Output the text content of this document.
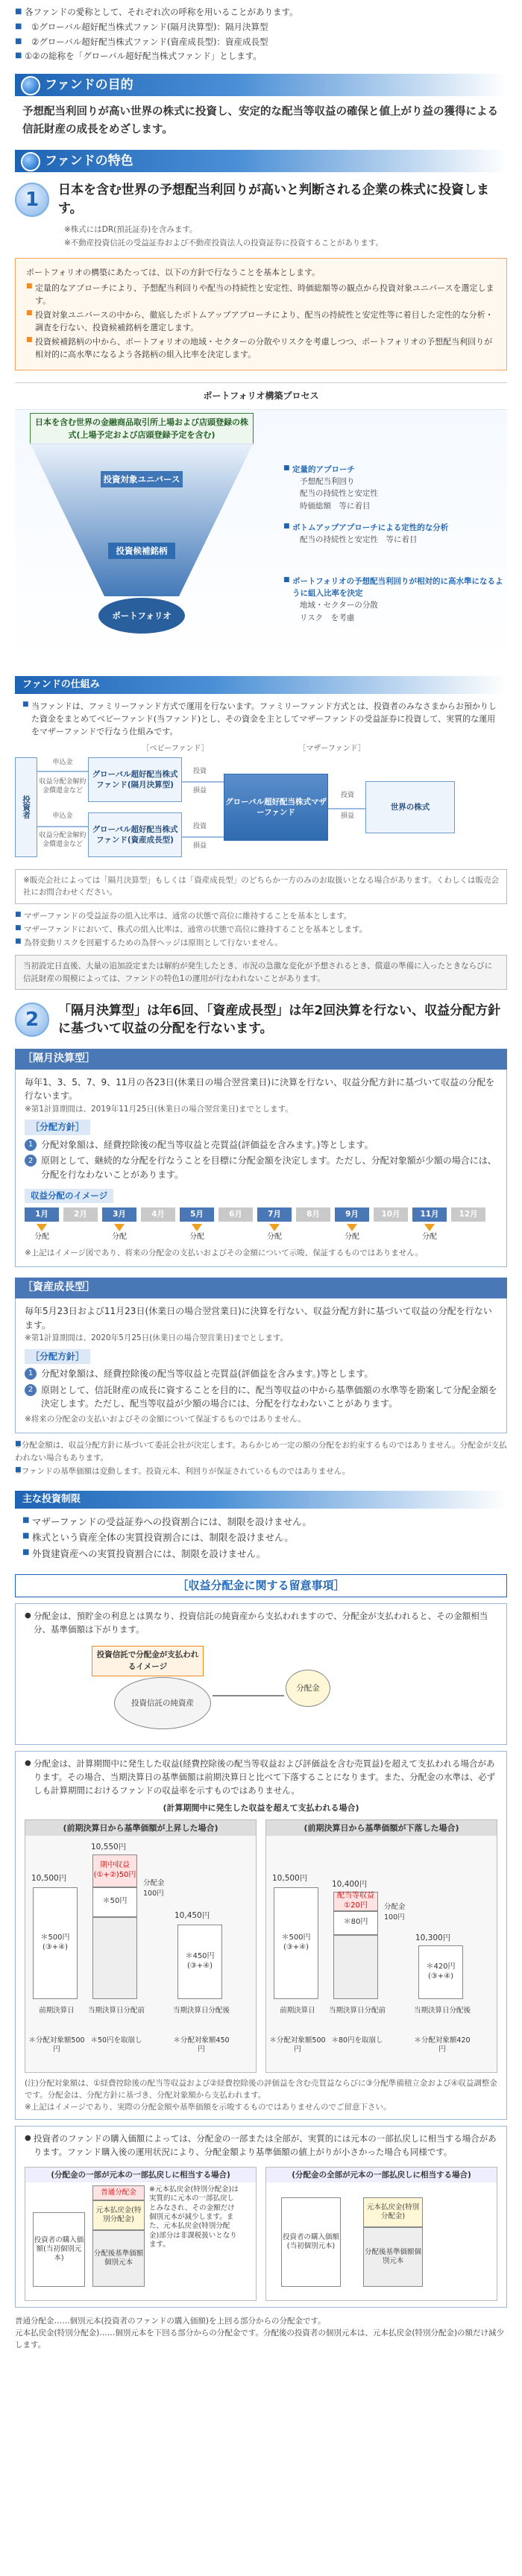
■ 各ファンドの愛称として、それぞれ次の呼称を用いることがあります。
■ ①グローバル超好配当株式ファンド(隔月決算型)：隔月決算型
■ ②グローバル超好配当株式ファンド(資産成長型)：資産成長型
■ ①②の総称を「グローバル超好配当株式ファンド」とします。
ファンドの目的

予想配当利回りが高い世界の株式に投資し、安定的な配当等収益の確保と値上がり益の獲得による信託財産の成長をめざします。

ファンドの特色
1	日本を含む世界の予想配当利回りが高いと判断される企業の株式に投資します。

※株式にはDR(預託証券)を含みます。

※不動産投資信託の受益証券および不動産投資法人の投資証券に投資することがあります。

ポートフォリオの構築にあたっては、以下の方針で行なうことを基本とします。

■ 定量的なアプローチにより、予想配当利回りや配当の持続性と安定性、時価総額等の観点から投資対象ユニバースを選定します。
■ 投資対象ユニバースの中から、徹底したボトムアップアプローチにより、配当の持続性と安定性等に着目した定性的な分析・調査を行ない、投資候補銘柄を選定します。
■ 投資候補銘柄の中から、ポートフォリオの地域・セクターの分散やリスクを考慮しつつ、ポートフォリオの予想配当利回りが相対的に高水準になるよう各銘柄の組入比率を決定します。
ポートフォリオ構築プロセス
日本を含む世界の金融商品取引所上場および店頭登録の株式(上場予定および店頭登録予定を含む)
投資対象ユニバース
投資候補銘柄
ポートフォリオ
■ 定量的アプローチ
予想配当利回り
配当の持続性と安定性
時価総額　等に着目
■ ボトムアップアプローチによる定性的な分析
配当の持続性と安定性　等に着目
■ ポートフォリオの予想配当利回りが相対的に高水準になるように組入比率を決定
地域・セクターの分散
リスク　を考慮
ファンドの仕組み

■ 当ファンドは、ファミリーファンド方式で運用を行ないます。ファミリーファンド方式とは、投資者のみなさまからお預かりした資金をまとめてベビーファンド(当ファンド)とし、その資金を主としてマザーファンドの受益証券に投資して、実質的な運用をマザーファンドで行なう仕組みです。

［ベビーファンド］	［マザーファンド］
投資者
申込金
収益分配金解約金償還金など
申込金
収益分配金解約金償還金など
グローバル超好配当株式ファンド(隔月決算型)
グローバル超好配当株式ファンド(資産成長型)
投資
損益
投資
損益
グローバル超好配当株式マザーファンド
投資
損益
世界の株式
※販売会社によっては「隔月決算型」もしくは「資産成長型」のどちらか一方のみのお取扱いとなる場合があります。くわしくは販売会社にお問合わせください。

■ マザーファンドの受益証券の組入比率は、通常の状態で高位に維持することを基本とします。

■ マザーファンドにおいて、株式の組入比率は、通常の状態で高位に維持することを基本とします。

■ 為替変動リスクを回避するための為替ヘッジは原則として行ないません。

当初設定日直後、大量の追加設定または解約が発生したとき、市況の急激な変化が予想されるとき、償還の準備に入ったときならびに信託財産の規模によっては、ファンドの特色1の運用が行なわれないことがあります。
2	「隔月決算型」は年6回、「資産成長型」は年2回決算を行ない、収益分配方針に基づいて収益の分配を行ないます。
［隔月決算型］

毎年1、3、5、7、9、11月の各23日(休業日の場合翌営業日)に決算を行ない、収益分配方針に基づいて収益の分配を行ないます。

※第1計算期間は、2019年11月25日(休業日の場合翌営業日)までとします。

［分配方針］
1 分配対象額は、経費控除後の配当等収益と売買益(評価益を含みます。)等とします。
2 原則として、継続的な分配を行なうことを目標に分配金額を決定します。ただし、分配対象額が少額の場合には、分配を行なわないことがあります。
収益分配のイメージ
1月
分配
2月	3月
分配
4月	5月
分配
6月	7月
分配
8月	9月
分配
10月	11月
分配
12月

※上記はイメージ図であり、将来の分配金の支払いおよびその金額について示唆、保証するものではありません。

［資産成長型］

毎年5月23日および11月23日(休業日の場合翌営業日)に決算を行ない、収益分配方針に基づいて収益の分配を行ないます。

※第1計算期間は、2020年5月25日(休業日の場合翌営業日)までとします。

［分配方針］
1 分配対象額は、経費控除後の配当等収益と売買益(評価益を含みます。)等とします。
2 原則として、信託財産の成長に資することを目的に、配当等収益の中から基準価額の水準等を勘案して分配金額を決定します。ただし、配当等収益が少額の場合には、分配を行なわないことがあります。

※将来の分配金の支払いおよびその金額について保証するものではありません。

■ ※分配金額は、収益分配方針に基づいて委託会社が決定します。あらかじめ一定の額の分配をお約束するものではありません。分配金が支払われない場合もあります。

■ ※ファンドの基準価額は変動します。投資元本、利回りが保証されているものではありません。

主な投資制限
■ マザーファンドの受益証券への投資割合には、制限を設けません。
■ 株式という資産全体の実質投資割合には、制限を設けません。
■ 外貨建資産への実質投資割合には、制限を設けません。
［収益分配金に関する留意事項］

● 分配金は、預貯金の利息とは異なり、投資信託の純資産から支払われますので、分配金が支払われると、その金額相当分、基準価額は下がります。

投資信託で分配金が支払われるイメージ
投資信託の純資産
分配金

● 分配金は、計算期間中に発生した収益(経費控除後の配当等収益および評価益を含む売買益)を超えて支払われる場合があります。その場合、当期決算日の基準価額は前期決算日と比べて下落することになります。また、分配金の水準は、必ずしも計算期間におけるファンドの収益率を示すものではありません。

(計算期間中に発生した収益を超えて支払われる場合)
(前期決算日から基準価額が上昇した場合)
10,500円
＊500円(③+④)
10,550円
期中収益(①+②)50円
＊50円
分配金100円
10,450円
＊450円(③+④)
前期決算日	当期決算日分配前	当期決算日分配後
＊分配対象額500円
＊50円を取崩し	＊分配対象額450円
(前期決算日から基準価額が下落した場合)
10,500円
＊500円(③+④)
10,400円
配当等収益①20円
＊80円
分配金100円
10,300円
＊420円(③+④)
前期決算日	当期決算日分配前	当期決算日分配後
＊分配対象額500円
＊80円を取崩し	＊分配対象額420円

(注)分配対象額は、①経費控除後の配当等収益および②経費控除後の評価益を含む売買益ならびに③分配準備積立金および④収益調整金です。分配金は、分配方針に基づき、分配対象額から支払われます。

※上記はイメージであり、実際の分配金額や基準価額を示唆するものではありませんのでご留意下さい。

● 投資者のファンドの購入価額によっては、分配金の一部または全部が、実質的には元本の一部払戻しに相当する場合があります。ファンド購入後の運用状況により、分配金額より基準価額の値上がりが小さかった場合も同様です。

(分配金の一部が元本の一部払戻しに相当する場合)
投資者の購入価額(当初個別元本)
普通分配金
元本払戻金(特別分配金)
分配後基準価額個別元本
※元本払戻金(特別分配金)は実質的に元本の一部払戻しとみなされ、その金額だけ個別元本が減少します。また、元本払戻金(特別分配金)部分は非課税扱いとなります。
(分配金の全部が元本の一部払戻しに相当する場合)
投資者の購入価額(当初個別元本)
元本払戻金(特別分配金)
分配後基準価額個別元本

普通分配金……個別元本(投資者のファンドの購入価額)を上回る部分からの分配金です。

元本払戻金(特別分配金)……個別元本を下回る部分からの分配金です。分配後の投資者の個別元本は、元本払戻金(特別分配金)の額だけ減少します。
